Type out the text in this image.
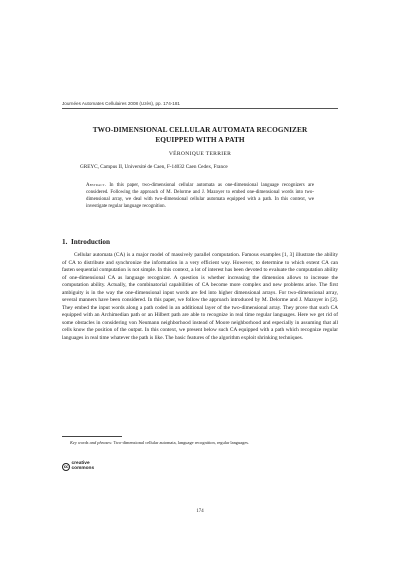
Journées Automates Cellulaires 2008 (Uzès), pp. 174-181
TWO-DIMENSIONAL CELLULAR AUTOMATA RECOGNIZER
EQUIPPED WITH A PATH
VÉRONIQUE TERRIER
GREYC, Campus II, Université de Caen, F-14032 Caen Cedex, France
Abstract. In this paper, two-dimensional cellular automata as one-dimensional language recognizers are considered. Following the approach of M. Delorme and J. Mazoyer to embed one-dimensional words into two-dimensional array, we deal with two-dimensional cellular automata equipped with a path. In this context, we investigate regular language recognition.
1. Introduction
Cellular automata (CA) is a major model of massively parallel computation. Famous examples [1, 3] illustrate the ability of CA to distribute and synchronize the information in a very efficient way. However, to determine to which extent CA can fasten sequential computation is not simple. In this context, a lot of interest has been devoted to evaluate the computation ability of one-dimensional CA as language recognizer. A question is whether increasing the dimension allows to increase the computation ability. Actually, the combinatorial capabilities of CA become more complex and new problems arise. The first ambiguity is in the way the one-dimensional input words are fed into higher dimensional arrays. For two-dimensional array, several manners have been considered. In this paper, we follow the approach introduced by M. Delorme and J. Mazoyer in [2]. They embed the input words along a path coded in an additional layer of the two-dimensional array. They prove that such CA equipped with an Archimedian path or an Hilbert path are able to recognize in real time regular languages. Here we get rid of some obstacles in considering von Neumann neighborhood instead of Moore neighborhood and especially in assuming that all cells know the position of the output. In this context, we present below such CA equipped with a path which recognize regular languages in real time whatever the path is like. The basic features of the algorithm exploit shrinking techniques.
Key words and phrases: Two-dimensional cellular automata, language recognition, regular languages.
cc
creative
commons
174
